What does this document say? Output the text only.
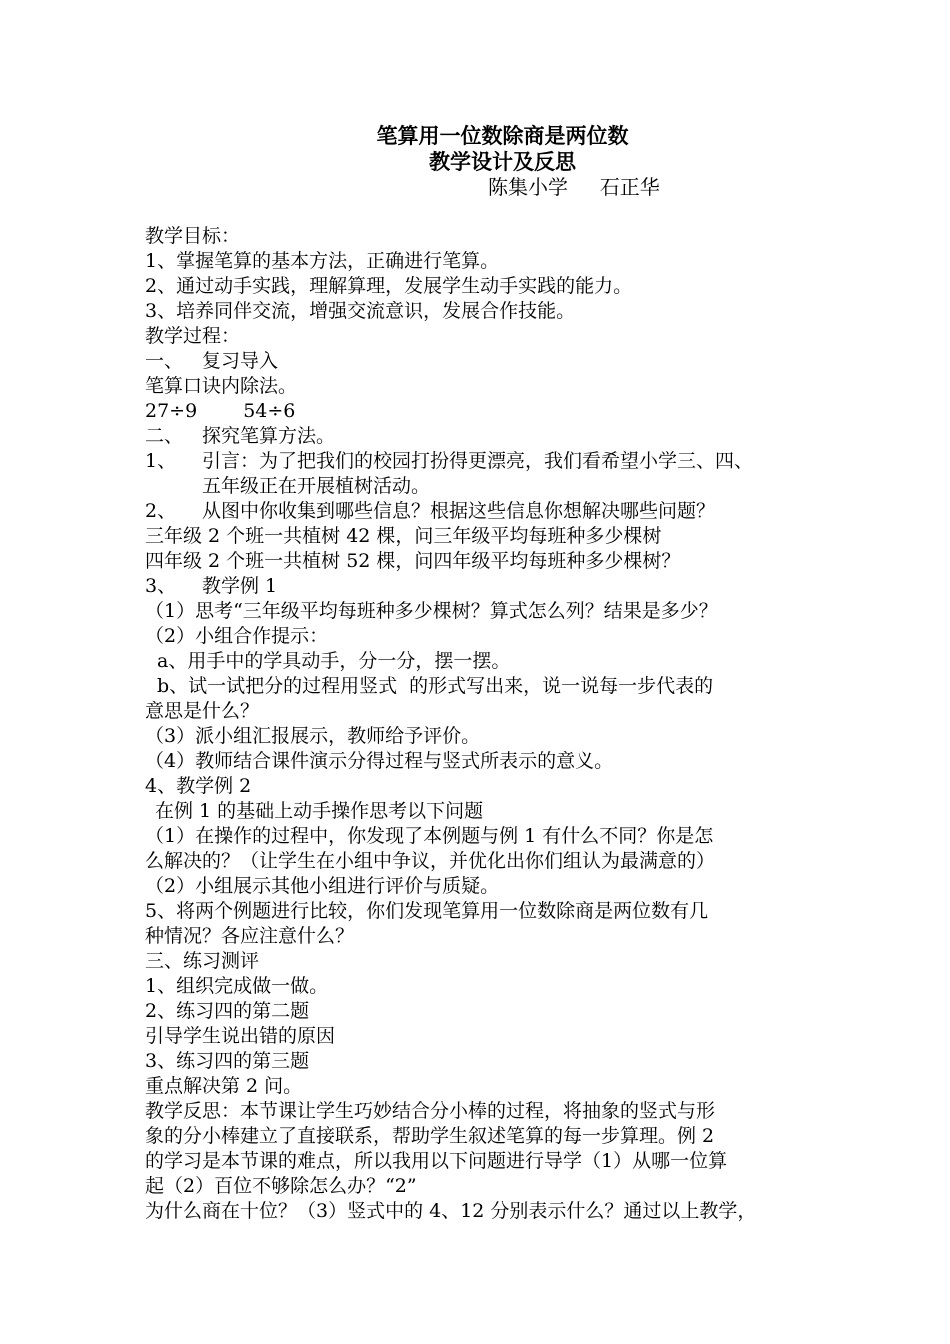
笔算用一位数除商是两位数
教学设计及反思
陈集小学 石正华
教学目标：
1、掌握笔算的基本方法，正确进行笔算。
2、通过动手实践，理解算理，发展学生动手实践的能力。
3、培养同伴交流，增强交流意识，发展合作技能。
教学过程：
一、 复习导入
笔算口诀内除法。
27÷9 54÷6
二、 探究笔算方法。
1、	引言：为了把我们的校园打扮得更漂亮，我们看希望小学三、四、
五年级正在开展植树活动。
2、	从图中你收集到哪些信息？根据这些信息你想解决哪些问题？
三年级 2 个班一共植树 42 棵，问三年级平均每班种多少棵树
四年级 2 个班一共植树 52 棵，问四年级平均每班种多少棵树？
3、	教学例 1
（1）思考“三年级平均每班种多少棵树？算式怎么列？结果是多少？
（2）小组合作提示：
a、用手中的学具动手，分一分，摆一摆。
b、试一试把分的过程用竖式 的形式写出来，说一说每一步代表的
意思是什么？
（3）派小组汇报展示，教师给予评价。
（4）教师结合课件演示分得过程与竖式所表示的意义。
4、教学例 2
在例 1 的基础上动手操作思考以下问题
（1）在操作的过程中，你发现了本例题与例 1 有什么不同？你是怎
么解决的？（让学生在小组中争议，并优化出你们组认为最满意的）
（2）小组展示其他小组进行评价与质疑。
5、将两个例题进行比较，你们发现笔算用一位数除商是两位数有几
种情况？各应注意什么？
三、练习测评
1、组织完成做一做。
2、练习四的第二题
引导学生说出错的原因
3、练习四的第三题
重点解决第 2 问。
教学反思：本节课让学生巧妙结合分小棒的过程，将抽象的竖式与形
象的分小棒建立了直接联系，帮助学生叙述笔算的每一步算理。例 2
的学习是本节课的难点，所以我用以下问题进行导学（1）从哪一位算
起（2）百位不够除怎么办？“2”
为什么商在十位？（3）竖式中的 4、12 分别表示什么？通过以上教学，
